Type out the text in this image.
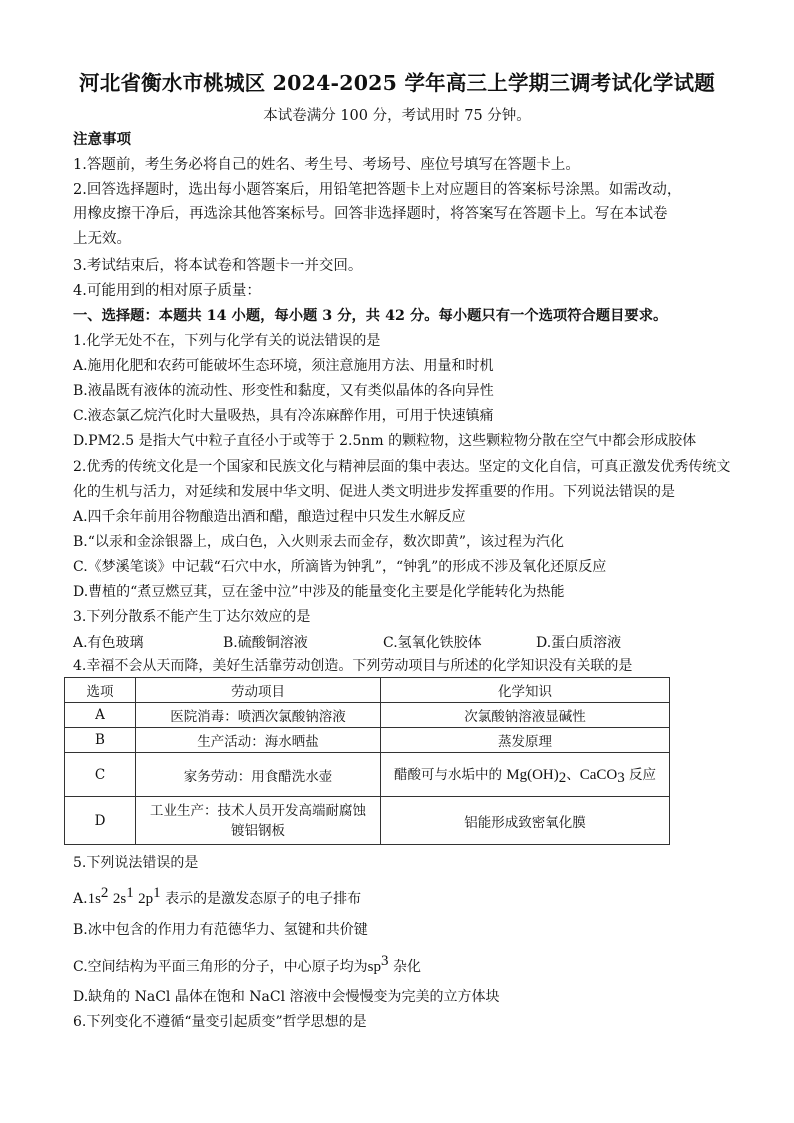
河北省衡水市桃城区 2024-2025 学年高三上学期三调考试化学试题
本试卷满分 100 分，考试用时 75 分钟。
注意事项
1.答题前，考生务必将自己的姓名、考生号、考场号、座位号填写在答题卡上。
2.回答选择题时，选出每小题答案后，用铅笔把答题卡上对应题目的答案标号涂黑。如需改动，
用橡皮擦干净后，再选涂其他答案标号。回答非选择题时，将答案写在答题卡上。写在本试卷
上无效。
3.考试结束后，将本试卷和答题卡一并交回。
4.可能用到的相对原子质量：
一、选择题：本题共 14 小题，每小题 3 分，共 42 分。每小题只有一个选项符合题目要求。
1.化学无处不在，下列与化学有关的说法错误的是
A.施用化肥和农药可能破坏生态环境，须注意施用方法、用量和时机
B.液晶既有液体的流动性、形变性和黏度，又有类似晶体的各向异性
C.液态氯乙烷汽化时大量吸热，具有冷冻麻醉作用，可用于快速镇痛
D.PM2.5 是指大气中粒子直径小于或等于 2.5nm 的颗粒物，这些颗粒物分散在空气中都会形成胶体
2.优秀的传统文化是一个国家和民族文化与精神层面的集中表达。坚定的文化自信，可真正激发优秀传统文
化的生机与活力，对延续和发展中华文明、促进人类文明进步发挥重要的作用。下列说法错误的是
A.四千余年前用谷物酿造出酒和醋，酿造过程中只发生水解反应
B.“以汞和金涂银器上，成白色，入火则汞去而金存，数次即黄”，该过程为汽化
C.《梦溪笔谈》中记载“石穴中水，所滴皆为钟乳”，“钟乳”的形成不涉及氧化还原反应
D.曹植的“煮豆燃豆萁，豆在釜中泣”中涉及的能量变化主要是化学能转化为热能
3.下列分散系不能产生丁达尔效应的是
A.有色玻璃	B.硫酸铜溶液	C.氢氧化铁胶体	D.蛋白质溶液
4.幸福不会从天而降，美好生活靠劳动创造。下列劳动项目与所述的化学知识没有关联的是
选项	劳动项目	化学知识
A	医院消毒：喷洒次氯酸钠溶液	次氯酸钠溶液显碱性
B	生产活动：海水晒盐	蒸发原理
C	家务劳动：用食醋洗水壶	醋酸可与水垢中的 Mg(OH)2、CaCO3 反应
D	工业生产：技术人员开发高端耐腐蚀
镀铝钢板	铝能形成致密氧化膜
5.下列说法错误的是
A.1s2 2s1 2p1 表示的是激发态原子的电子排布
B.冰中包含的作用力有范德华力、氢键和共价键
C.空间结构为平面三角形的分子，中心原子均为sp3 杂化
D.缺角的 NaCl 晶体在饱和 NaCl 溶液中会慢慢变为完美的立方体块
6.下列变化不遵循“量变引起质变”哲学思想的是
